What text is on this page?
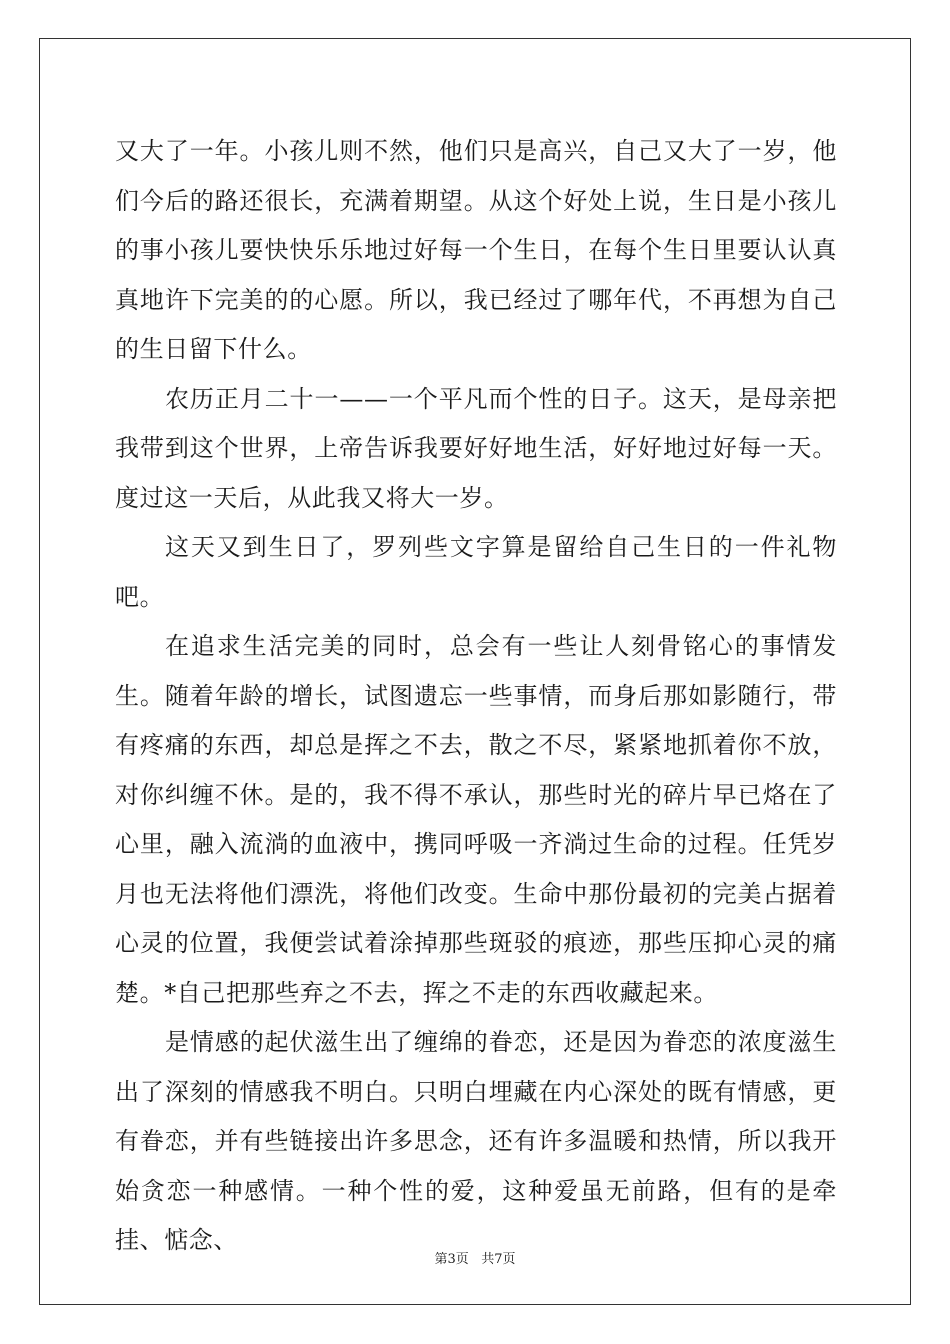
又大了一年。小孩儿则不然，他们只是高兴，自己又大了一岁，他们今后的路还很长，充满着期望。从这个好处上说，生日是小孩儿的事小孩儿要快快乐乐地过好每一个生日，在每个生日里要认认真真地许下完美的的心愿。所以，我已经过了哪年代，不再想为自己的生日留下什么。

农历正月二十一——一个平凡而个性的日子。这天，是母亲把我带到这个世界，上帝告诉我要好好地生活，好好地过好每一天。度过这一天后，从此我又将大一岁。

这天又到生日了，罗列些文字算是留给自己生日的一件礼物吧。

在追求生活完美的同时，总会有一些让人刻骨铭心的事情发生。随着年龄的增长，试图遗忘一些事情，而身后那如影随行，带有疼痛的东西，却总是挥之不去，散之不尽，紧紧地抓着你不放，对你纠缠不休。是的，我不得不承认，那些时光的碎片早已烙在了心里，融入流淌的血液中，携同呼吸一齐淌过生命的过程。任凭岁月也无法将他们漂洗，将他们改变。生命中那份最初的完美占据着心灵的位置，我便尝试着涂掉那些斑驳的痕迹，那些压抑心灵的痛楚。*自己把那些弃之不去，挥之不走的东西收藏起来。

是情感的起伏滋生出了缠绵的眷恋，还是因为眷恋的浓度滋生出了深刻的情感我不明白。只明白埋藏在内心深处的既有情感，更有眷恋，并有些链接出许多思念，还有许多温暖和热情，所以我开始贪恋一种感情。一种个性的爱，这种爱虽无前路，但有的是牵挂、惦念、

第3页 共7页
